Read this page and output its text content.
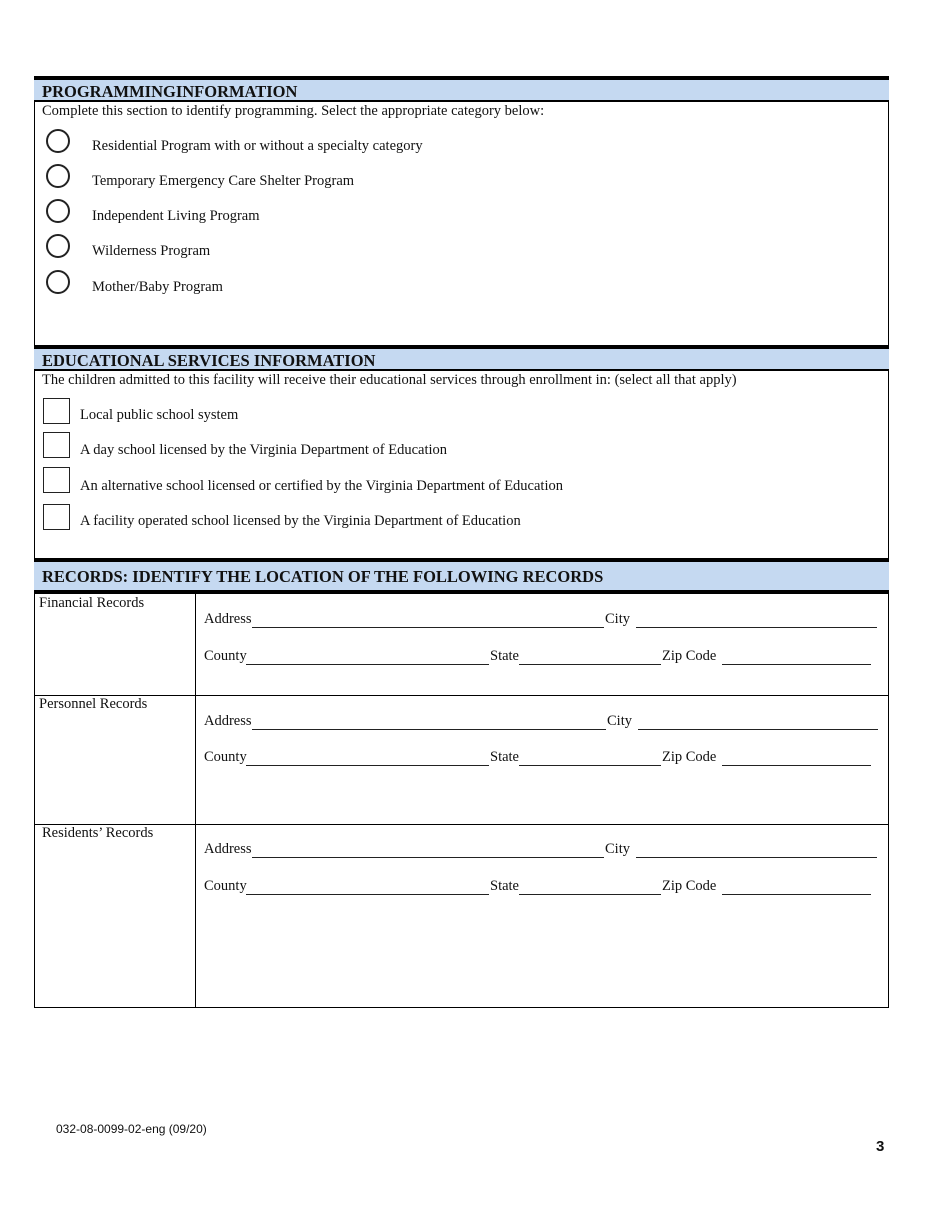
PROGRAMMINGINFORMATION
Complete this section to identify programming. Select the appropriate category below:
Residential Program with or without a specialty category
Temporary Emergency Care Shelter Program
Independent Living Program
Wilderness Program
Mother/Baby Program
EDUCATIONAL SERVICES INFORMATION
The children admitted to this facility will receive their educational services through enrollment in: (select all that apply)
Local public school system
A day school licensed by the Virginia Department of Education
An alternative school licensed or certified by the Virginia Department of Education
A facility operated school licensed by the Virginia Department of Education
RECORDS: IDENTIFY THE LOCATION OF THE FOLLOWING RECORDS
Financial Records
Address	City
County	State	Zip Code
Personnel Records
Address	City
County	State	Zip Code
Residents’ Records
Address	City
County	State	Zip Code
032-08-0099-02-eng (09/20)
3
